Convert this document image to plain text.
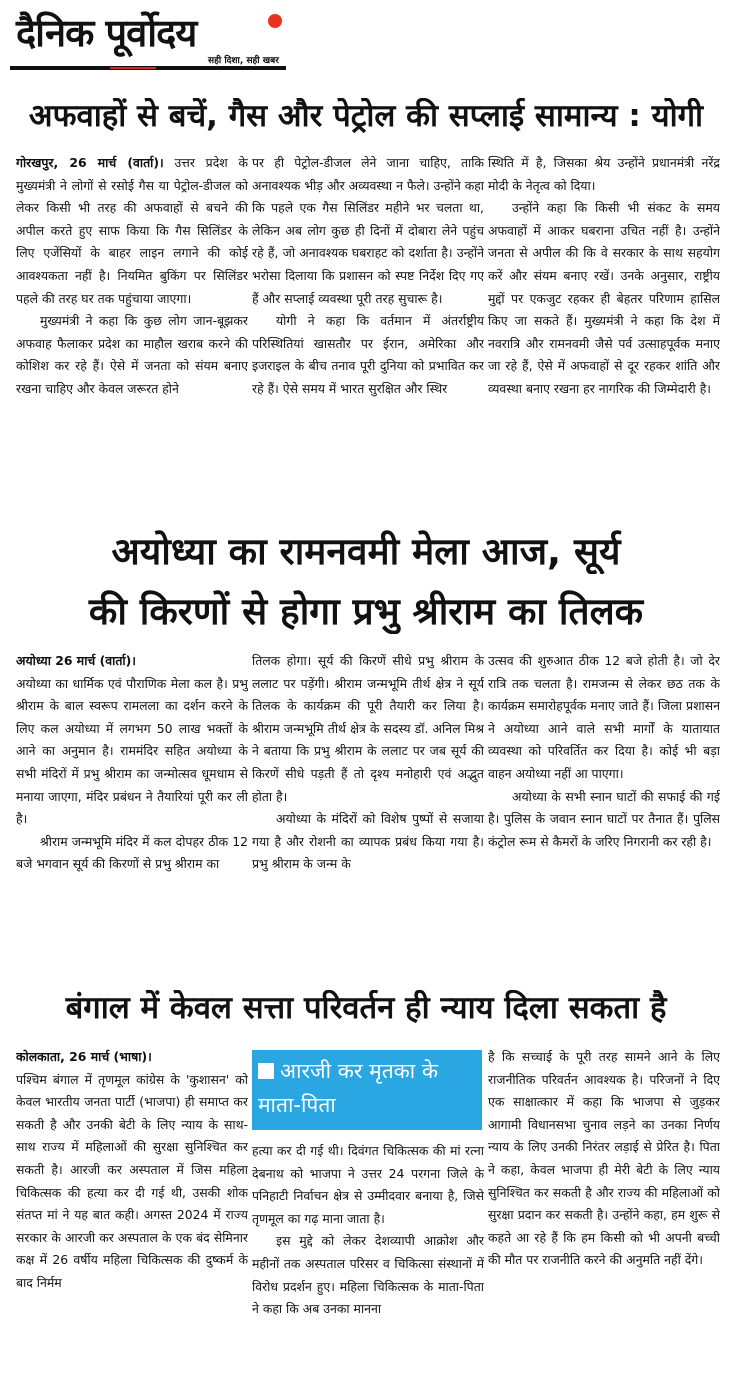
दैनिक पूर्वोदय
सही दिशा, सही खबर
अफवाहों से बचें, गैस और पेट्रोल की सप्लाई सामान्य : योगी

गोरखपुर, 26 मार्च (वार्ता)। उत्तर प्रदेश के मुख्यमंत्री ने लोगों से रसोई गैस या पेट्रोल-डीजल को लेकर किसी भी तरह की अफवाहों से बचने की अपील करते हुए साफ किया कि गैस सिलिंडर के लिए एजेंसियों के बाहर लाइन लगाने की कोई आवश्यकता नहीं है। नियमित बुकिंग पर सिलिंडर पहले की तरह घर तक पहुंचाया जाएगा।

मुख्यमंत्री ने कहा कि कुछ लोग जान-बूझकर अफवाह फैलाकर प्रदेश का माहौल खराब करने की कोशिश कर रहे हैं। ऐसे में जनता को संयम बनाए रखना चाहिए और केवल जरूरत होने

पर ही पेट्रोल-डीजल लेने जाना चाहिए, ताकि अनावश्यक भीड़ और अव्यवस्था न फैले। उन्होंने कहा कि पहले एक गैस सिलिंडर महीने भर चलता था, लेकिन अब लोग कुछ ही दिनों में दोबारा लेने पहुंच रहे हैं, जो अनावश्यक घबराहट को दर्शाता है। उन्होंने भरोसा दिलाया कि प्रशासन को स्पष्ट निर्देश दिए गए हैं और सप्लाई व्यवस्था पूरी तरह सुचारू है।

योगी ने कहा कि वर्तमान में अंतर्राष्ट्रीय परिस्थितियां खासतौर पर ईरान, अमेरिका और इजराइल के बीच तनाव पूरी दुनिया को प्रभावित कर रहे हैं। ऐसे समय में भारत सुरक्षित और स्थिर

स्थिति में है, जिसका श्रेय उन्होंने प्रधानमंत्री नरेंद्र मोदी के नेतृत्व को दिया।

उन्होंने कहा कि किसी भी संकट के समय अफवाहों में आकर घबराना उचित नहीं है। उन्होंने जनता से अपील की कि वे सरकार के साथ सहयोग करें और संयम बनाए रखें। उनके अनुसार, राष्ट्रीय मुद्दों पर एकजुट रहकर ही बेहतर परिणाम हासिल किए जा सकते हैं। मुख्यमंत्री ने कहा कि देश में नवरात्रि और रामनवमी जैसे पर्व उत्साहपूर्वक मनाए जा रहे हैं, ऐसे में अफवाहों से दूर रहकर शांति और व्यवस्था बनाए रखना हर नागरिक की जिम्मेदारी है।

अयोध्या का रामनवमी मेला आज, सूर्य
की किरणों से होगा प्रभु श्रीराम का तिलक

अयोध्या 26 मार्च (वार्ता)।

अयोध्या का धार्मिक एवं पौराणिक मेला कल है। प्रभु श्रीराम के बाल स्वरूप रामलला का दर्शन करने के लिए कल अयोध्या में लगभग 50 लाख भक्तों के आने का अनुमान है। राममंदिर सहित अयोध्या के सभी मंदिरों में प्रभु श्रीराम का जन्मोत्सव धूमधाम से मनाया जाएगा, मंदिर प्रबंधन ने तैयारियां पूरी कर ली है।

श्रीराम जन्मभूमि मंदिर में कल दोपहर ठीक 12 बजे भगवान सूर्य की किरणों से प्रभु श्रीराम का

तिलक होगा। सूर्य की किरणें सीधे प्रभु श्रीराम के ललाट पर पड़ेंगी। श्रीराम जन्मभूमि तीर्थ क्षेत्र ने सूर्य तिलक के कार्यक्रम की पूरी तैयारी कर लिया है। श्रीराम जन्मभूमि तीर्थ क्षेत्र के सदस्य डॉ. अनिल मिश्र ने बताया कि प्रभु श्रीराम के ललाट पर जब सूर्य की किरणें सीधे पड़ती हैं तो दृश्य मनोहारी एवं अद्भुत होता है।

अयोध्या के मंदिरों को विशेष पुष्पों से सजाया गया है और रोशनी का व्यापक प्रबंध किया गया है। प्रभु श्रीराम के जन्म के

उत्सव की शुरुआत ठीक 12 बजे होती है। जो देर रात्रि तक चलता है। रामजन्म से लेकर छठ तक के कार्यक्रम समारोहपूर्वक मनाए जाते हैं। जिला प्रशासन ने अयोध्या आने वाले सभी मार्गों के यातायात व्यवस्था को परिवर्तित कर दिया है। कोई भी बड़ा वाहन अयोध्या नहीं आ पाएगा।

अयोध्या के सभी स्नान घाटों की सफाई की गई है। पुलिस के जवान स्नान घाटों पर तैनात हैं। पुलिस कंट्रोल रूम से कैमरों के जरिए निगरानी कर रही है।

बंगाल में केवल सत्ता परिवर्तन ही न्याय दिला सकता है

कोलकाता, 26 मार्च (भाषा)।

पश्चिम बंगाल में तृणमूल कांग्रेस के 'कुशासन' को केवल भारतीय जनता पार्टी (भाजपा) ही समाप्त कर सकती है और उनकी बेटी के लिए न्याय के साथ-साथ राज्य में महिलाओं की सुरक्षा सुनिश्चित कर सकती है। आरजी कर अस्पताल में जिस महिला चिकित्सक की हत्या कर दी गई थी, उसकी शोक संतप्त मां ने यह बात कही। अगस्त 2024 में राज्य सरकार के आरजी कर अस्पताल के एक बंद सेमिनार कक्ष में 26 वर्षीय महिला चिकित्सक की दुष्कर्म के बाद निर्मम

आरजी कर मृतका के माता-पिता

हत्या कर दी गई थी। दिवंगत चिकित्सक की मां रत्ना देबनाथ को भाजपा ने उत्तर 24 परगना जिले के पनिहाटी निर्वाचन क्षेत्र से उम्मीदवार बनाया है, जिसे तृणमूल का गढ़ माना जाता है।

इस मुद्दे को लेकर देशव्यापी आक्रोश और महीनों तक अस्पताल परिसर व चिकित्सा संस्थानों में विरोध प्रदर्शन हुए। महिला चिकित्सक के माता-पिता ने कहा कि अब उनका मानना

है कि सच्चाई के पूरी तरह सामने आने के लिए राजनीतिक परिवर्तन आवश्यक है। परिजनों ने दिए एक साक्षात्कार में कहा कि भाजपा से जुड़कर आगामी विधानसभा चुनाव लड़ने का उनका निर्णय न्याय के लिए उनकी निरंतर लड़ाई से प्रेरित है। पिता ने कहा, केवल भाजपा ही मेरी बेटी के लिए न्याय सुनिश्चित कर सकती है और राज्य की महिलाओं को सुरक्षा प्रदान कर सकती है। उन्होंने कहा, हम शुरू से कहते आ रहे हैं कि हम किसी को भी अपनी बच्ची की मौत पर राजनीति करने की अनुमति नहीं देंगे।
